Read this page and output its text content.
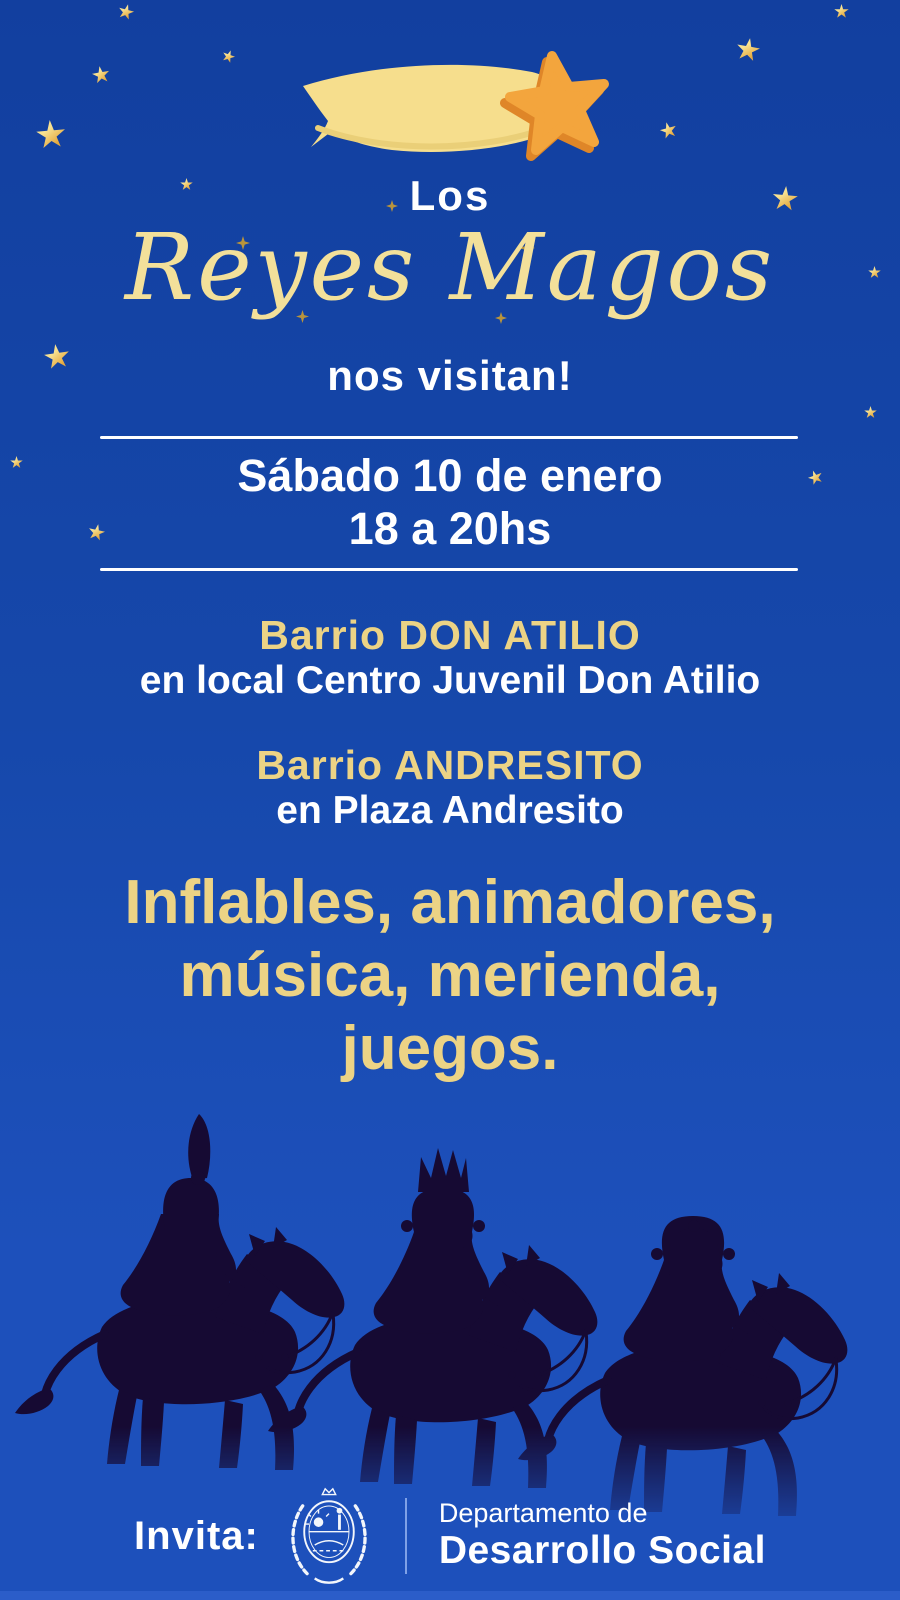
Los
Reyes Magos
nos visitan!
Sábado 10 de enero
18 a 20hs
Barrio DON ATILIO
en local Centro Juvenil Don Atilio
Barrio ANDRESITO
en Plaza Andresito
Inflables, animadores,
música, merienda,
juegos.
Invita:
Departamento de
Desarrollo Social
